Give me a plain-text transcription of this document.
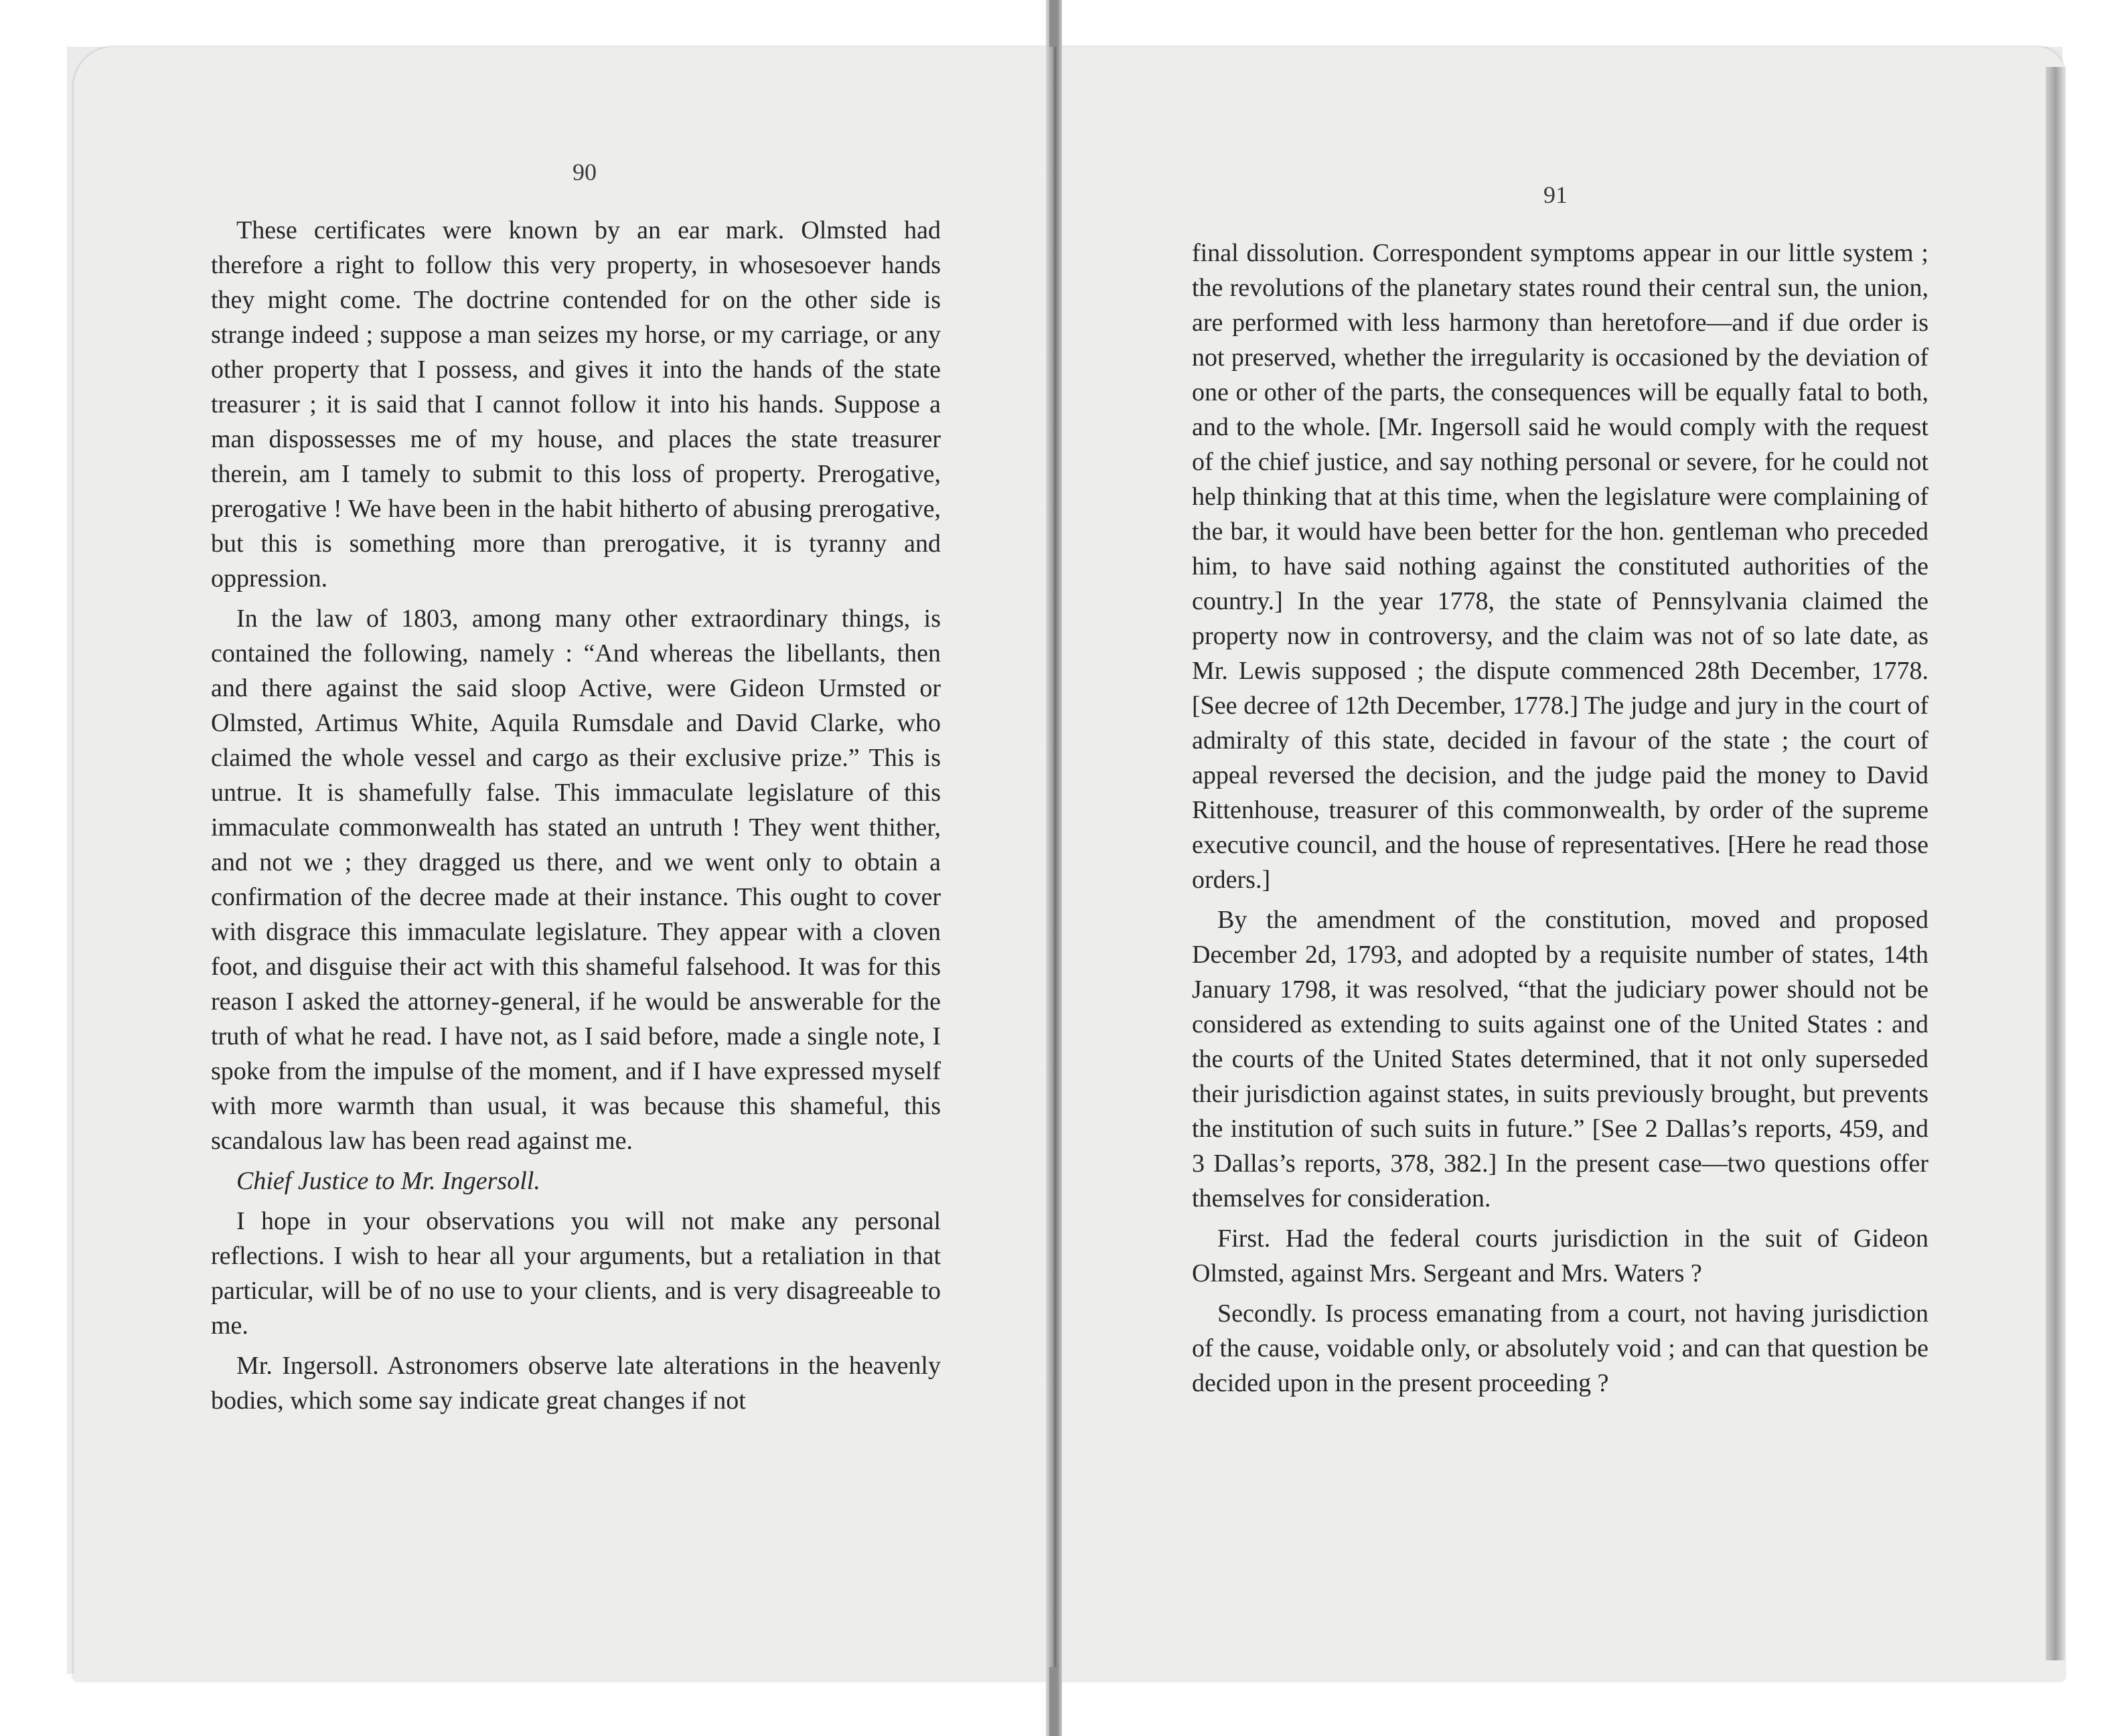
90

These certificates were known by an ear mark. Olmsted had therefore a right to follow this very property, in whosesoever hands they might come. The doctrine contended for on the other side is strange indeed ; suppose a man seizes my horse, or my carriage, or any other property that I possess, and gives it into the hands of the state treasurer ; it is said that I cannot follow it into his hands. Suppose a man dispossesses me of my house, and places the state treasurer therein, am I tamely to submit to this loss of property. Prerogative, prerogative ! We have been in the habit hitherto of abusing prerogative, but this is something more than prerogative, it is tyranny and oppression.

In the law of 1803, among many other extraordinary things, is contained the following, namely : “And whereas the libellants, then and there against the said sloop Active, were Gideon Urmsted or Olmsted, Artimus White, Aquila Rumsdale and David Clarke, who claimed the whole vessel and cargo as their exclusive prize.” This is untrue. It is shamefully false. This immaculate legislature of this immaculate commonwealth has stated an untruth ! They went thither, and not we ; they dragged us there, and we went only to obtain a confirmation of the decree made at their instance. This ought to cover with disgrace this immaculate legislature. They appear with a cloven foot, and disguise their act with this shameful falsehood. It was for this reason I asked the attorney-general, if he would be answerable for the truth of what he read. I have not, as I said before, made a single note, I spoke from the impulse of the moment, and if I have expressed myself with more warmth than usual, it was because this shameful, this scandalous law has been read against me.

Chief Justice to Mr. Ingersoll.

I hope in your observations you will not make any personal reflections. I wish to hear all your arguments, but a retaliation in that particular, will be of no use to your clients, and is very disagreeable to me.

Mr. Ingersoll. Astronomers observe late alterations in the heavenly bodies, which some say indicate great changes if not

91

final dissolution. Correspondent symptoms appear in our little system ; the revolutions of the planetary states round their central sun, the union, are performed with less harmony than heretofore—and if due order is not preserved, whether the irregularity is occasioned by the deviation of one or other of the parts, the consequences will be equally fatal to both, and to the whole. [Mr. Ingersoll said he would comply with the request of the chief justice, and say nothing personal or severe, for he could not help thinking that at this time, when the legislature were complaining of the bar, it would have been better for the hon. gentleman who preceded him, to have said nothing against the constituted authorities of the country.] In the year 1778, the state of Pennsylvania claimed the property now in controversy, and the claim was not of so late date, as Mr. Lewis supposed ; the dispute commenced 28th December, 1778. [See decree of 12th December, 1778.] The judge and jury in the court of admiralty of this state, decided in favour of the state ; the court of appeal reversed the decision, and the judge paid the money to David Rittenhouse, treasurer of this commonwealth, by order of the supreme executive council, and the house of representatives. [Here he read those orders.]

By the amendment of the constitution, moved and proposed December 2d, 1793, and adopted by a requisite number of states, 14th January 1798, it was resolved, “that the judiciary power should not be considered as extending to suits against one of the United States : and the courts of the United States determined, that it not only superseded their jurisdiction against states, in suits previously brought, but prevents the institution of such suits in future.” [See 2 Dallas’s reports, 459, and 3 Dallas’s reports, 378, 382.] In the present case—two questions offer themselves for consideration.

First. Had the federal courts jurisdiction in the suit of Gideon Olmsted, against Mrs. Sergeant and Mrs. Waters ?

Secondly. Is process emanating from a court, not having jurisdiction of the cause, voidable only, or absolutely void ; and can that question be decided upon in the present proceeding ?
